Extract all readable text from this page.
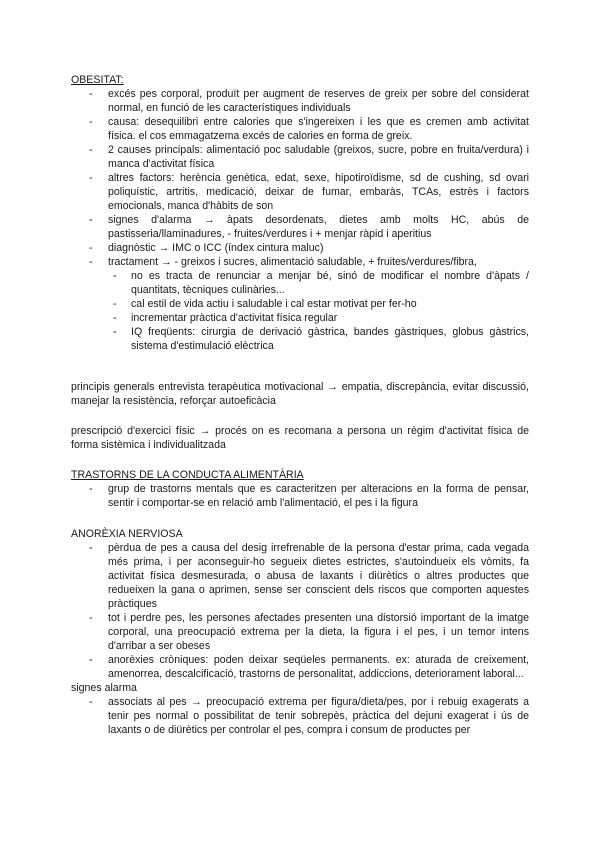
OBESITAT:
- excés pes corporal, produït per augment de reserves de greix per sobre del considerat normal, en funció de les característiques individuals
- causa: desequilibri entre calories que s'ingereixen i les que es cremen amb activitat física. el cos emmagatzema excés de calories en forma de greix.
- 2 causes principals: alimentació poc saludable (greixos, sucre, pobre en fruita/verdura) i manca d'activitat física
- altres factors: herència genètica, edat, sexe, hipotiroïdisme, sd de cushing, sd ovari poliquístic, artritis, medicació, deixar de fumar, embaràs, TCAs, estrès i factors emocionals, manca d'hàbits de son
- signes d'alarma → àpats desordenats, dietes amb molts HC, abús de pastisseria/llaminadures, - fruites/verdures i + menjar ràpid i aperitius
- diagnòstic → IMC o ICC (índex cintura maluc)
- tractament → - greixos i sucres, alimentació saludable, + fruites/verdures/fibra,
- no es tracta de renunciar a menjar bé, sinó de modificar el nombre d'àpats / quantitats, tècniques culinàries...
- cal estil de vida actiu i saludable i cal estar motivat per fer-ho
- incrementar pràctica d'activitat física regular
- IQ freqüents: cirurgia de derivació gàstrica, bandes gàstriques, globus gàstrics, sistema d'estimulació elèctrica

principis generals entrevista terapèutica motivacional → empatia, discrepància, evitar discussió, manejar la resistència, reforçar autoeficàcia

prescripció d'exercici físic → procés on es recomana a persona un règim d'activitat física de forma sistèmica i individualitzada

TRASTORNS DE LA CONDUCTA ALIMENTÀRIA
- grup de trastorns mentals que es caracteritzen per alteracions en la forma de pensar, sentir i comportar-se en relació amb l'alimentació, el pes i la figura
ANORÈXIA NERVIOSA
- pèrdua de pes a causa del desig irrefrenable de la persona d'estar prima, cada vegada més prima, i per aconseguir-ho segueix dietes estrictes, s'autoindueix els vòmits, fa activitat física desmesurada, o abusa de laxants i diürètics o altres productes que redueixen la gana o aprimen, sense ser conscient dels riscos que comporten aquestes pràctiques
- tot i perdre pes, les persones afectades presenten una distorsió important de la imatge corporal, una preocupació extrema per la dieta, la figura i el pes, i un temor intens d'arribar a ser obeses
- anorèxies cròniques: poden deixar seqüeles permanents. ex: aturada de creixement, amenorrea, descalcificació, trastorns de personalitat, addiccions, deteriorament laboral...
signes alarma
- associats al pes → preocupació extrema per figura/dieta/pes, por i rebuig exagerats a tenir pes normal o possibilitat de tenir sobrepès, pràctica del dejuni exagerat i ús de laxants o de diürètics per controlar el pes, compra i consum de productes per
